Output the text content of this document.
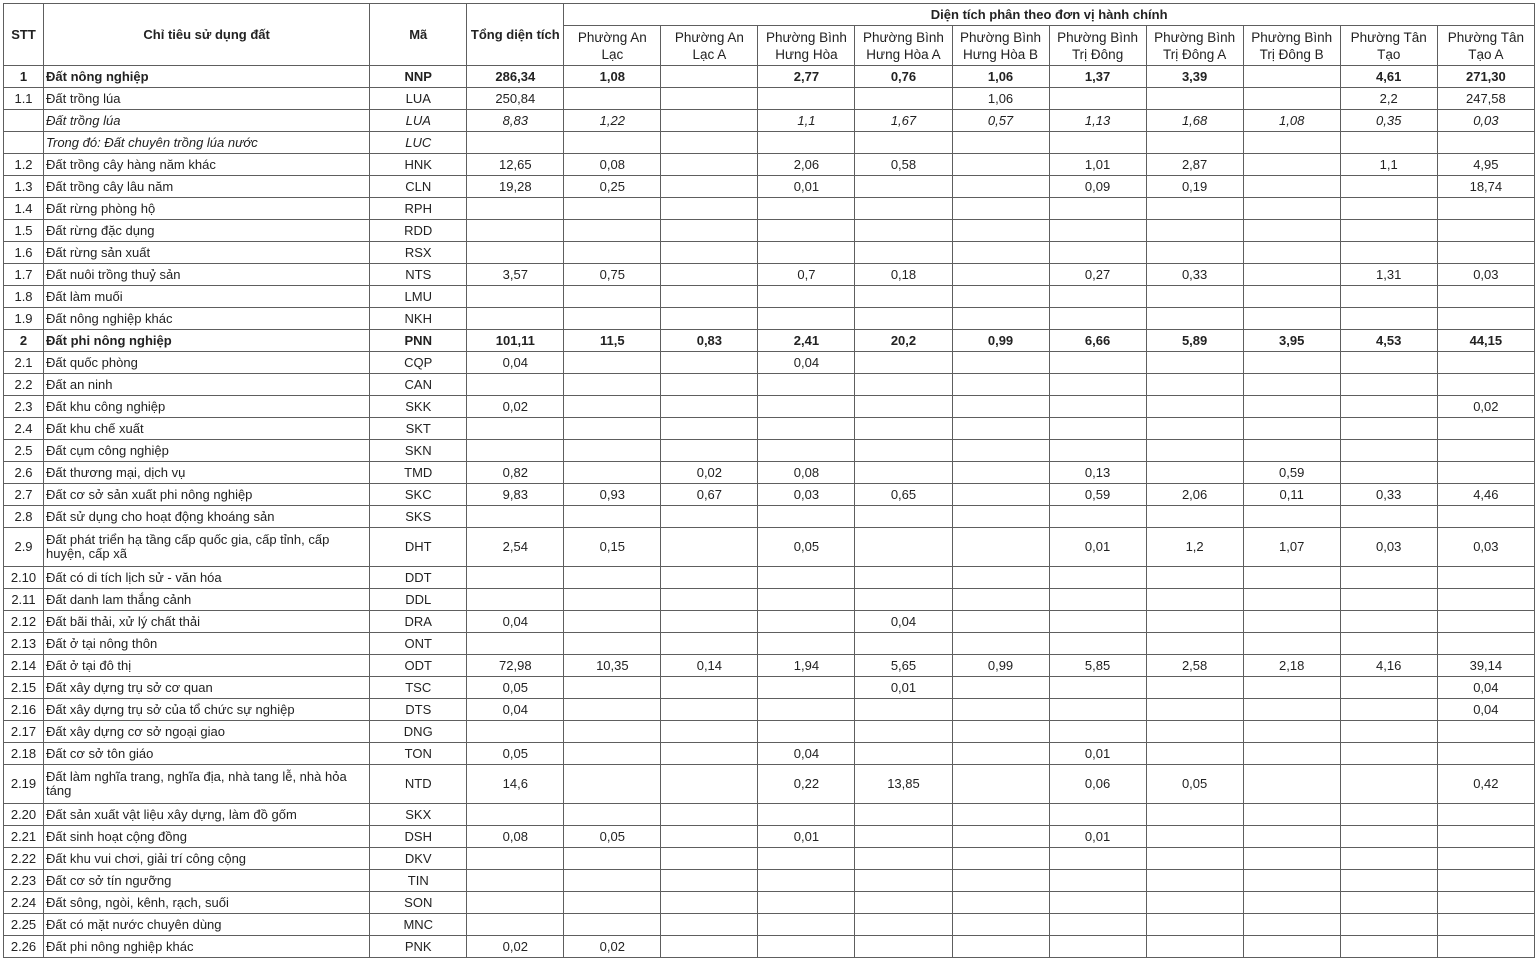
STT	Chỉ tiêu sử dụng đất	Mã	Tổng diện tích	Diện tích phân theo đơn vị hành chính									
				Phường An Lạc	Phường An Lạc A	Phường Bình Hưng Hòa	Phường Bình Hưng Hòa A	Phường Bình Hưng Hòa B	Phường Bình Trị Đông	Phường Bình Trị Đông A	Phường Bình Trị Đông B	Phường Tân Tạo	Phường Tân Tạo A
1	Đất nông nghiệp	NNP	286,34	1,08		2,77	0,76	1,06	1,37	3,39		4,61	271,30
1.1	Đất trồng lúa	LUA	250,84					1,06				2,2	247,58
	Đất trồng lúa	LUA	8,83	1,22		1,1	1,67	0,57	1,13	1,68	1,08	0,35	0,03
	Trong đó: Đất chuyên trồng lúa nước	LUC											
1.2	Đất trồng cây hàng năm khác	HNK	12,65	0,08		2,06	0,58		1,01	2,87		1,1	4,95
1.3	Đất trồng cây lâu năm	CLN	19,28	0,25		0,01			0,09	0,19			18,74
1.4	Đất rừng phòng hộ	RPH											
1.5	Đất rừng đặc dụng	RDD											
1.6	Đất rừng sản xuất	RSX											
1.7	Đất nuôi trồng thuỷ sản	NTS	3,57	0,75		0,7	0,18		0,27	0,33		1,31	0,03
1.8	Đất làm muối	LMU											
1.9	Đất nông nghiệp khác	NKH											
2	Đất phi nông nghiệp	PNN	101,11	11,5	0,83	2,41	20,2	0,99	6,66	5,89	3,95	4,53	44,15
2.1	Đất quốc phòng	CQP	0,04			0,04							
2.2	Đất an ninh	CAN											
2.3	Đất khu công nghiệp	SKK	0,02										0,02
2.4	Đất khu chế xuất	SKT											
2.5	Đất cụm công nghiệp	SKN											
2.6	Đất thương mại, dịch vụ	TMD	0,82		0,02	0,08			0,13		0,59		
2.7	Đất cơ sở sản xuất phi nông nghiệp	SKC	9,83	0,93	0,67	0,03	0,65		0,59	2,06	0,11	0,33	4,46
2.8	Đất sử dụng cho hoạt động khoáng sản	SKS											
2.9	Đất phát triển hạ tầng cấp quốc gia, cấp tỉnh, cấp huyện, cấp xã	DHT	2,54	0,15		0,05			0,01	1,2	1,07	0,03	0,03
2.10	Đất có di tích lịch sử - văn hóa	DDT											
2.11	Đất danh lam thắng cảnh	DDL											
2.12	Đất bãi thải, xử lý chất thải	DRA	0,04				0,04						
2.13	Đất ở tại nông thôn	ONT											
2.14	Đất ở tại đô thị	ODT	72,98	10,35	0,14	1,94	5,65	0,99	5,85	2,58	2,18	4,16	39,14
2.15	Đất xây dựng trụ sở cơ quan	TSC	0,05				0,01						0,04
2.16	Đất xây dựng trụ sở của tổ chức sự nghiệp	DTS	0,04										0,04
2.17	Đất xây dựng cơ sở ngoại giao	DNG											
2.18	Đất cơ sở tôn giáo	TON	0,05			0,04			0,01				
2.19	Đất làm nghĩa trang, nghĩa địa, nhà tang lễ, nhà hỏa táng	NTD	14,6			0,22	13,85		0,06	0,05			0,42
2.20	Đất sản xuất vật liệu xây dựng, làm đồ gốm	SKX											
2.21	Đất sinh hoạt cộng đồng	DSH	0,08	0,05		0,01			0,01				
2.22	Đất khu vui chơi, giải trí công cộng	DKV											
2.23	Đất cơ sở tín ngưỡng	TIN											
2.24	Đất sông, ngòi, kênh, rạch, suối	SON											
2.25	Đất có mặt nước chuyên dùng	MNC											
2.26	Đất phi nông nghiệp khác	PNK	0,02	0,02									
